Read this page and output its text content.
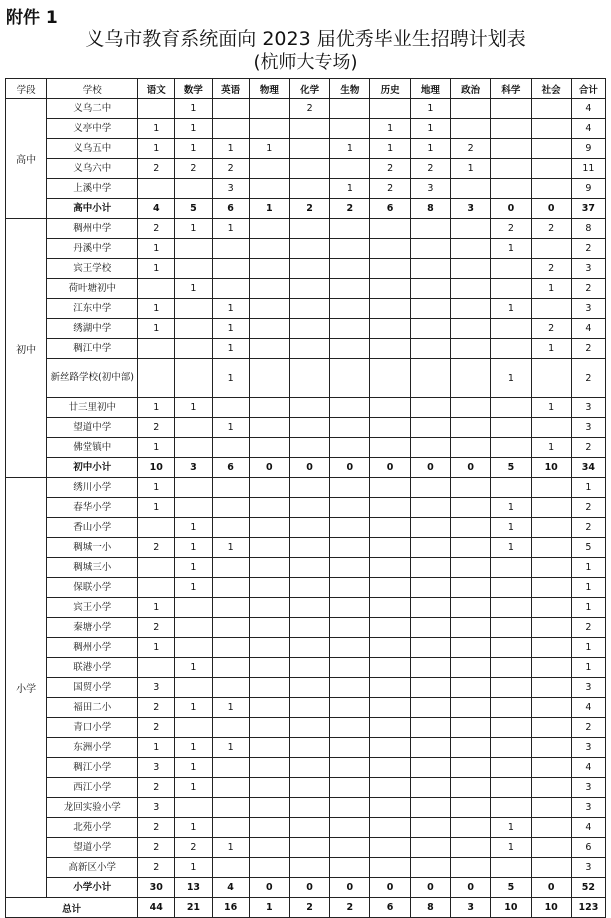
附件 1
义乌市教育系统面向 2023 届优秀毕业生招聘计划表
(杭师大专场)
学段	学校	语文	数学	英语	物理	化学	生物	历史	地理	政治	科学	社会	合计
高中	义乌二中		1			2			1				4
	义亭中学	1	1					1	1				4
	义乌五中	1	1	1	1		1	1	1	2			9
	义乌六中	2	2	2				2	2	1			11
	上溪中学			3			1	2	3				9
	高中小计	4	5	6	1	2	2	6	8	3	0	0	37
初中	稠州中学	2	1	1							2	2	8
	丹溪中学	1									1		2
	宾王学校	1										2	3
	荷叶塘初中		1									1	2
	江东中学	1		1							1		3
	绣湖中学	1		1								2	4
	稠江中学			1								1	2
	新丝路学校(初中部)			1							1		2
	廿三里初中	1	1									1	3
	望道中学	2		1									3
	佛堂镇中	1										1	2
	初中小计	10	3	6	0	0	0	0	0	0	5	10	34
小学	绣川小学	1											1
	春华小学	1									1		2
	香山小学		1								1		2
	稠城一小	2	1	1							1		5
	稠城三小		1										1
	保联小学		1										1
	宾王小学	1											1
	秦塘小学	2											2
	稠州小学	1											1
	联港小学		1										1
	国贸小学	3											3
	福田二小	2	1	1									4
	青口小学	2											2
	东洲小学	1	1	1									3
	稠江小学	3	1										4
	西江小学	2	1										3
	龙回实验小学	3											3
	北苑小学	2	1								1		4
	望道小学	2	2	1							1		6
	高新区小学	2	1										3
	小学小计	30	13	4	0	0	0	0	0	0	5	0	52
总计		44	21	16	1	2	2	6	8	3	10	10	123
